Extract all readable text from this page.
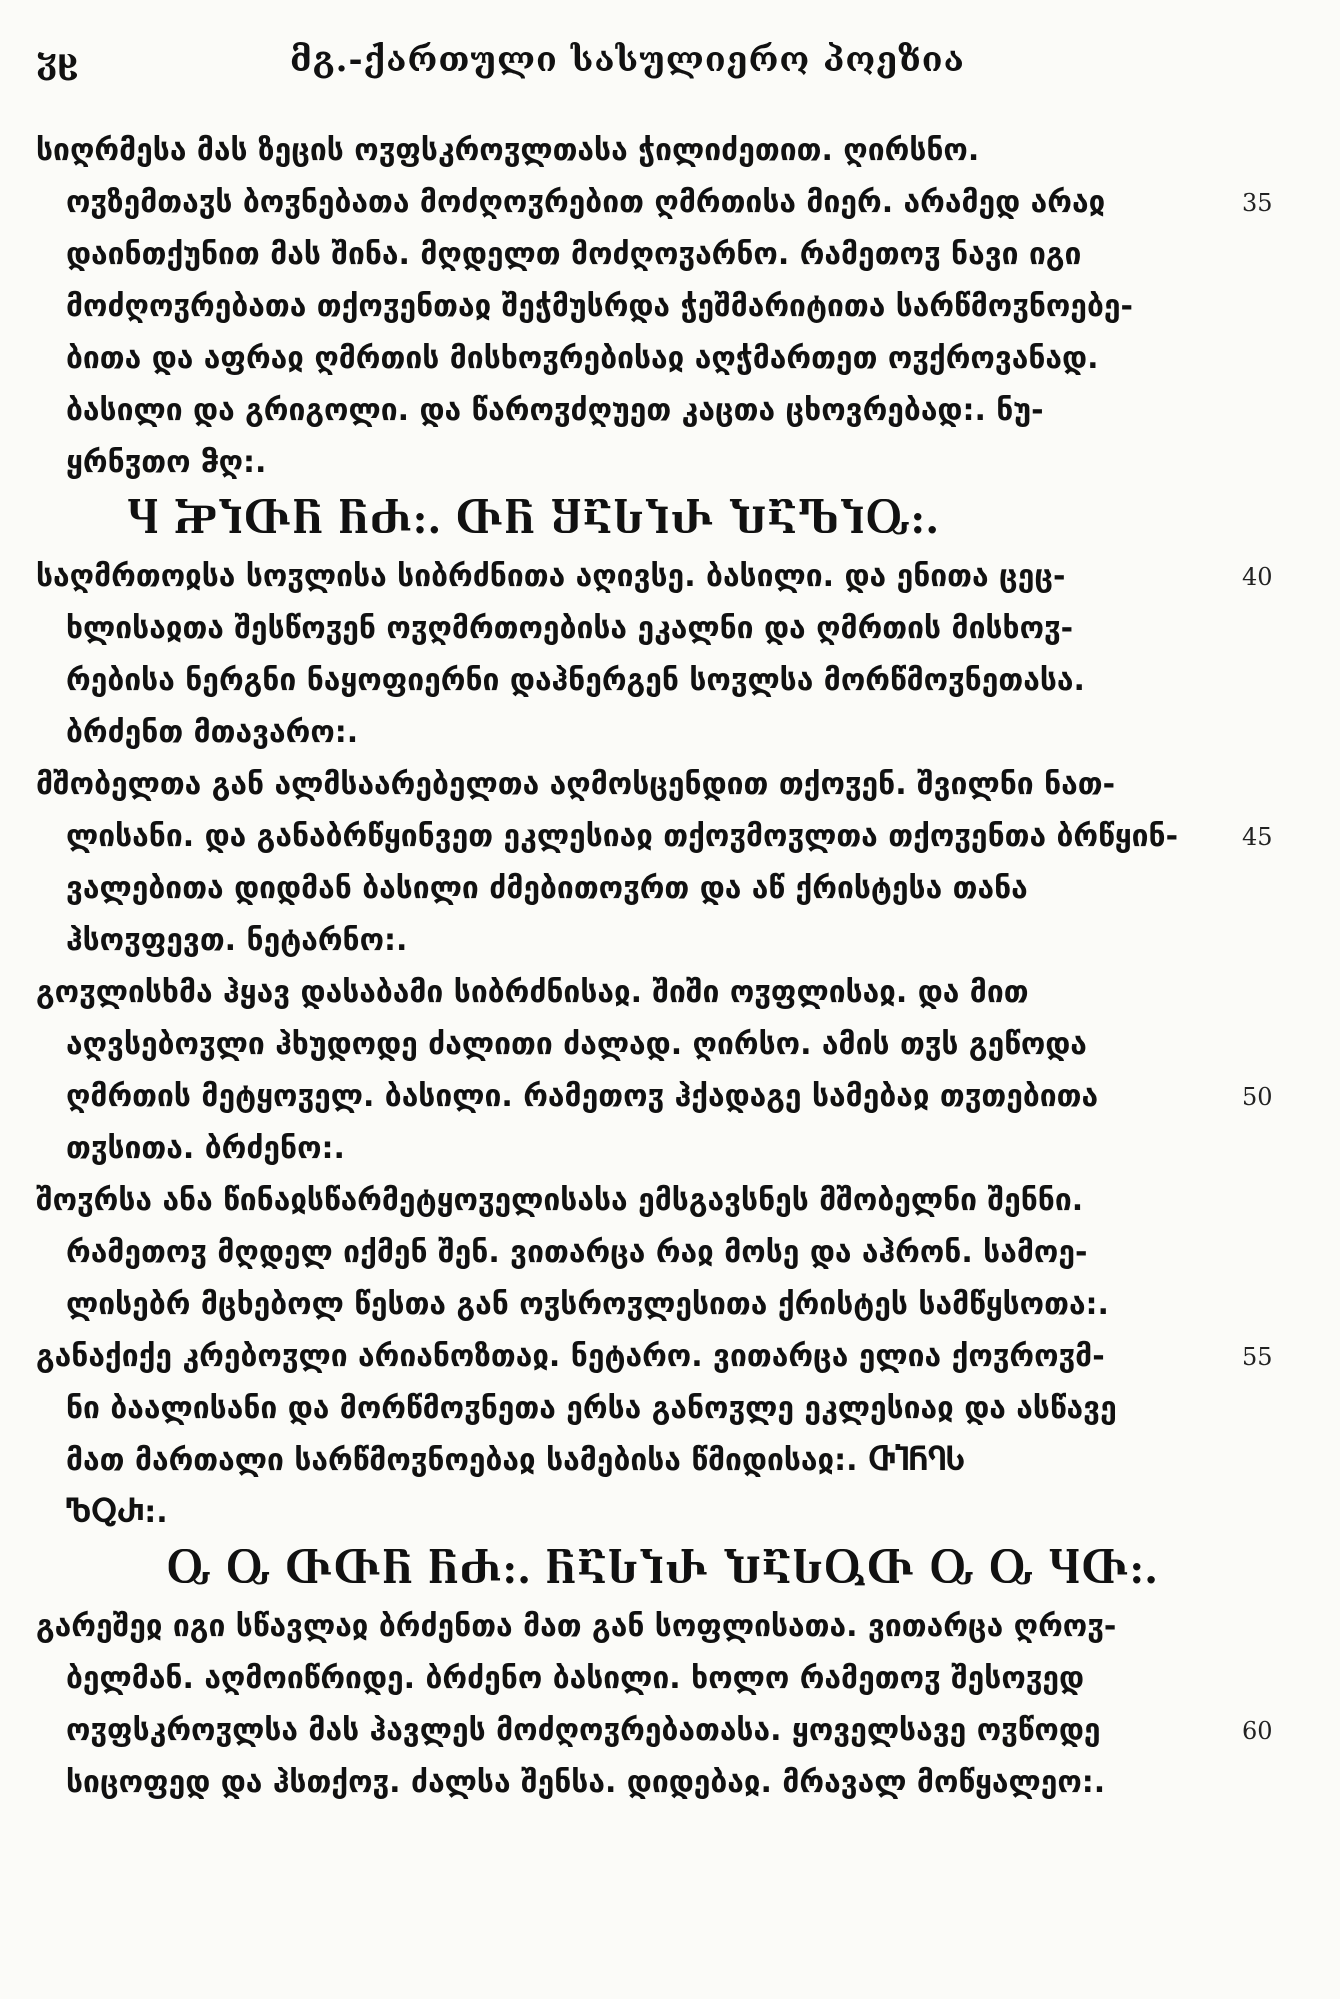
ჳჸ	მგ.-ქართული სასულიერო პოეზია
სიღრმესა მას ზეცის ოჳფსკროჳლთასა ჭილიძეთით. ღირსნო.
ოჳზემთაჳს ბოჳნებათა მოძღოჳრებით ღმრთისა მიერ. არამედ არაჲ
დაინთქუნით მას შინა. მღდელთ მოძღოჳარნო. რამეთოჳ ნავი იგი
მოძღოჳრებათა თქოჳენთაჲ შეჭმუსრდა ჭეშმარიტითა სარწმოჳნოებე-
ბითა და აფრაჲ ღმრთის მისხოჳრებისაჲ აღჭმართეთ ოჳქროვანად.
ბასილი და გრიგოლი. და წაროჳძღუეთ კაცთა ცხოვრებად:. ნუ-
ყრნჳთო ჵღ:.
Ⴗ ႿႨႧႬ ႬႻ:. ႧႬ ႸႠႱႨႰ ႮႠႪႨႭ:.
საღმრთოჲსა სოჳლისა სიბრძნითა აღივსე. ბასილი. და ენითა ცეც-
ხლისაჲთა შესწოჳენ ოჳღმრთოებისა ეკალნი და ღმრთის მისხოჳ-
რებისა ნერგნი ნაყოფიერნი დაჰნერგენ სოჳლსა მორწმოჳნეთასა.
ბრძენთ მთავარო:.
მშობელთა გან ალმსაარებელთა აღმოსცენდით თქოჳენ. შვილნი ნათ-
ლისანი. და განაბრწყინვეთ ეკლესიაჲ თქოჳმოჳლთა თქოჳენთა ბრწყინ-
ვალებითა დიდმან ბასილი ძმებითოჳრთ და აწ ქრისტესა თანა
ჰსოჳფევთ. ნეტარნო:.
გოჳლისხმა ჰყავ დასაბამი სიბრძნისაჲ. შიში ოჳფლისაჲ. და მით
აღვსებოჳლი ჰხუდოდე ძალითი ძალად. ღირსო. ამის თჳს გეწოდა
ღმრთის მეტყოჳელ. ბასილი. რამეთოჳ ჰქადაგე სამებაჲ თჳთებითა
თჳსითა. ბრძენო:.
შოჳრსა ანა წინაჲსწარმეტყოჳელისასა ემსგავსნეს მშობელნი შენნი.
რამეთოჳ მღდელ იქმენ შენ. ვითარცა რაჲ მოსე და აჰრონ. სამოე-
ლისებრ მცხებოლ წესთა გან ოჳსროჳლესითა ქრისტეს სამწყსოთა:.
განაქიქე კრებოჳლი არიანოზთაჲ. ნეტარო. ვითარცა ელია ქოჳროჳმ-
ნი ბაალისანი და მორწმოჳნეთა ერსა განოჳლე ეკლესიაჲ და ასწავე
მათ მართალი სარწმოჳნოებაჲ სამებისა წმიდისაჲ:. ႧႨႬႤႱ
ႪႭႰ:.
Ⴍ Ⴍ ႧႧႬ ႬႻ:. ႬႠႱႨႰ ႮႠႱႳႧ Ⴍ Ⴍ ႷႧ:.
გარეშეჲ იგი სწავლაჲ ბრძენთა მათ გან სოფლისათა. ვითარცა ღროჳ-
ბელმან. აღმოიწრიდე. ბრძენო ბასილი. ხოლო რამეთოჳ შესოჳედ
ოჳფსკროჳლსა მას ჰავლეს მოძღოჳრებათასა. ყოველსავე ოჳწოდე
სიცოფედ და ჰსთქოჳ. ძალსა შენსა. დიდებაჲ. მრავალ მოწყალეო:.
35
40
45
50
55
60
